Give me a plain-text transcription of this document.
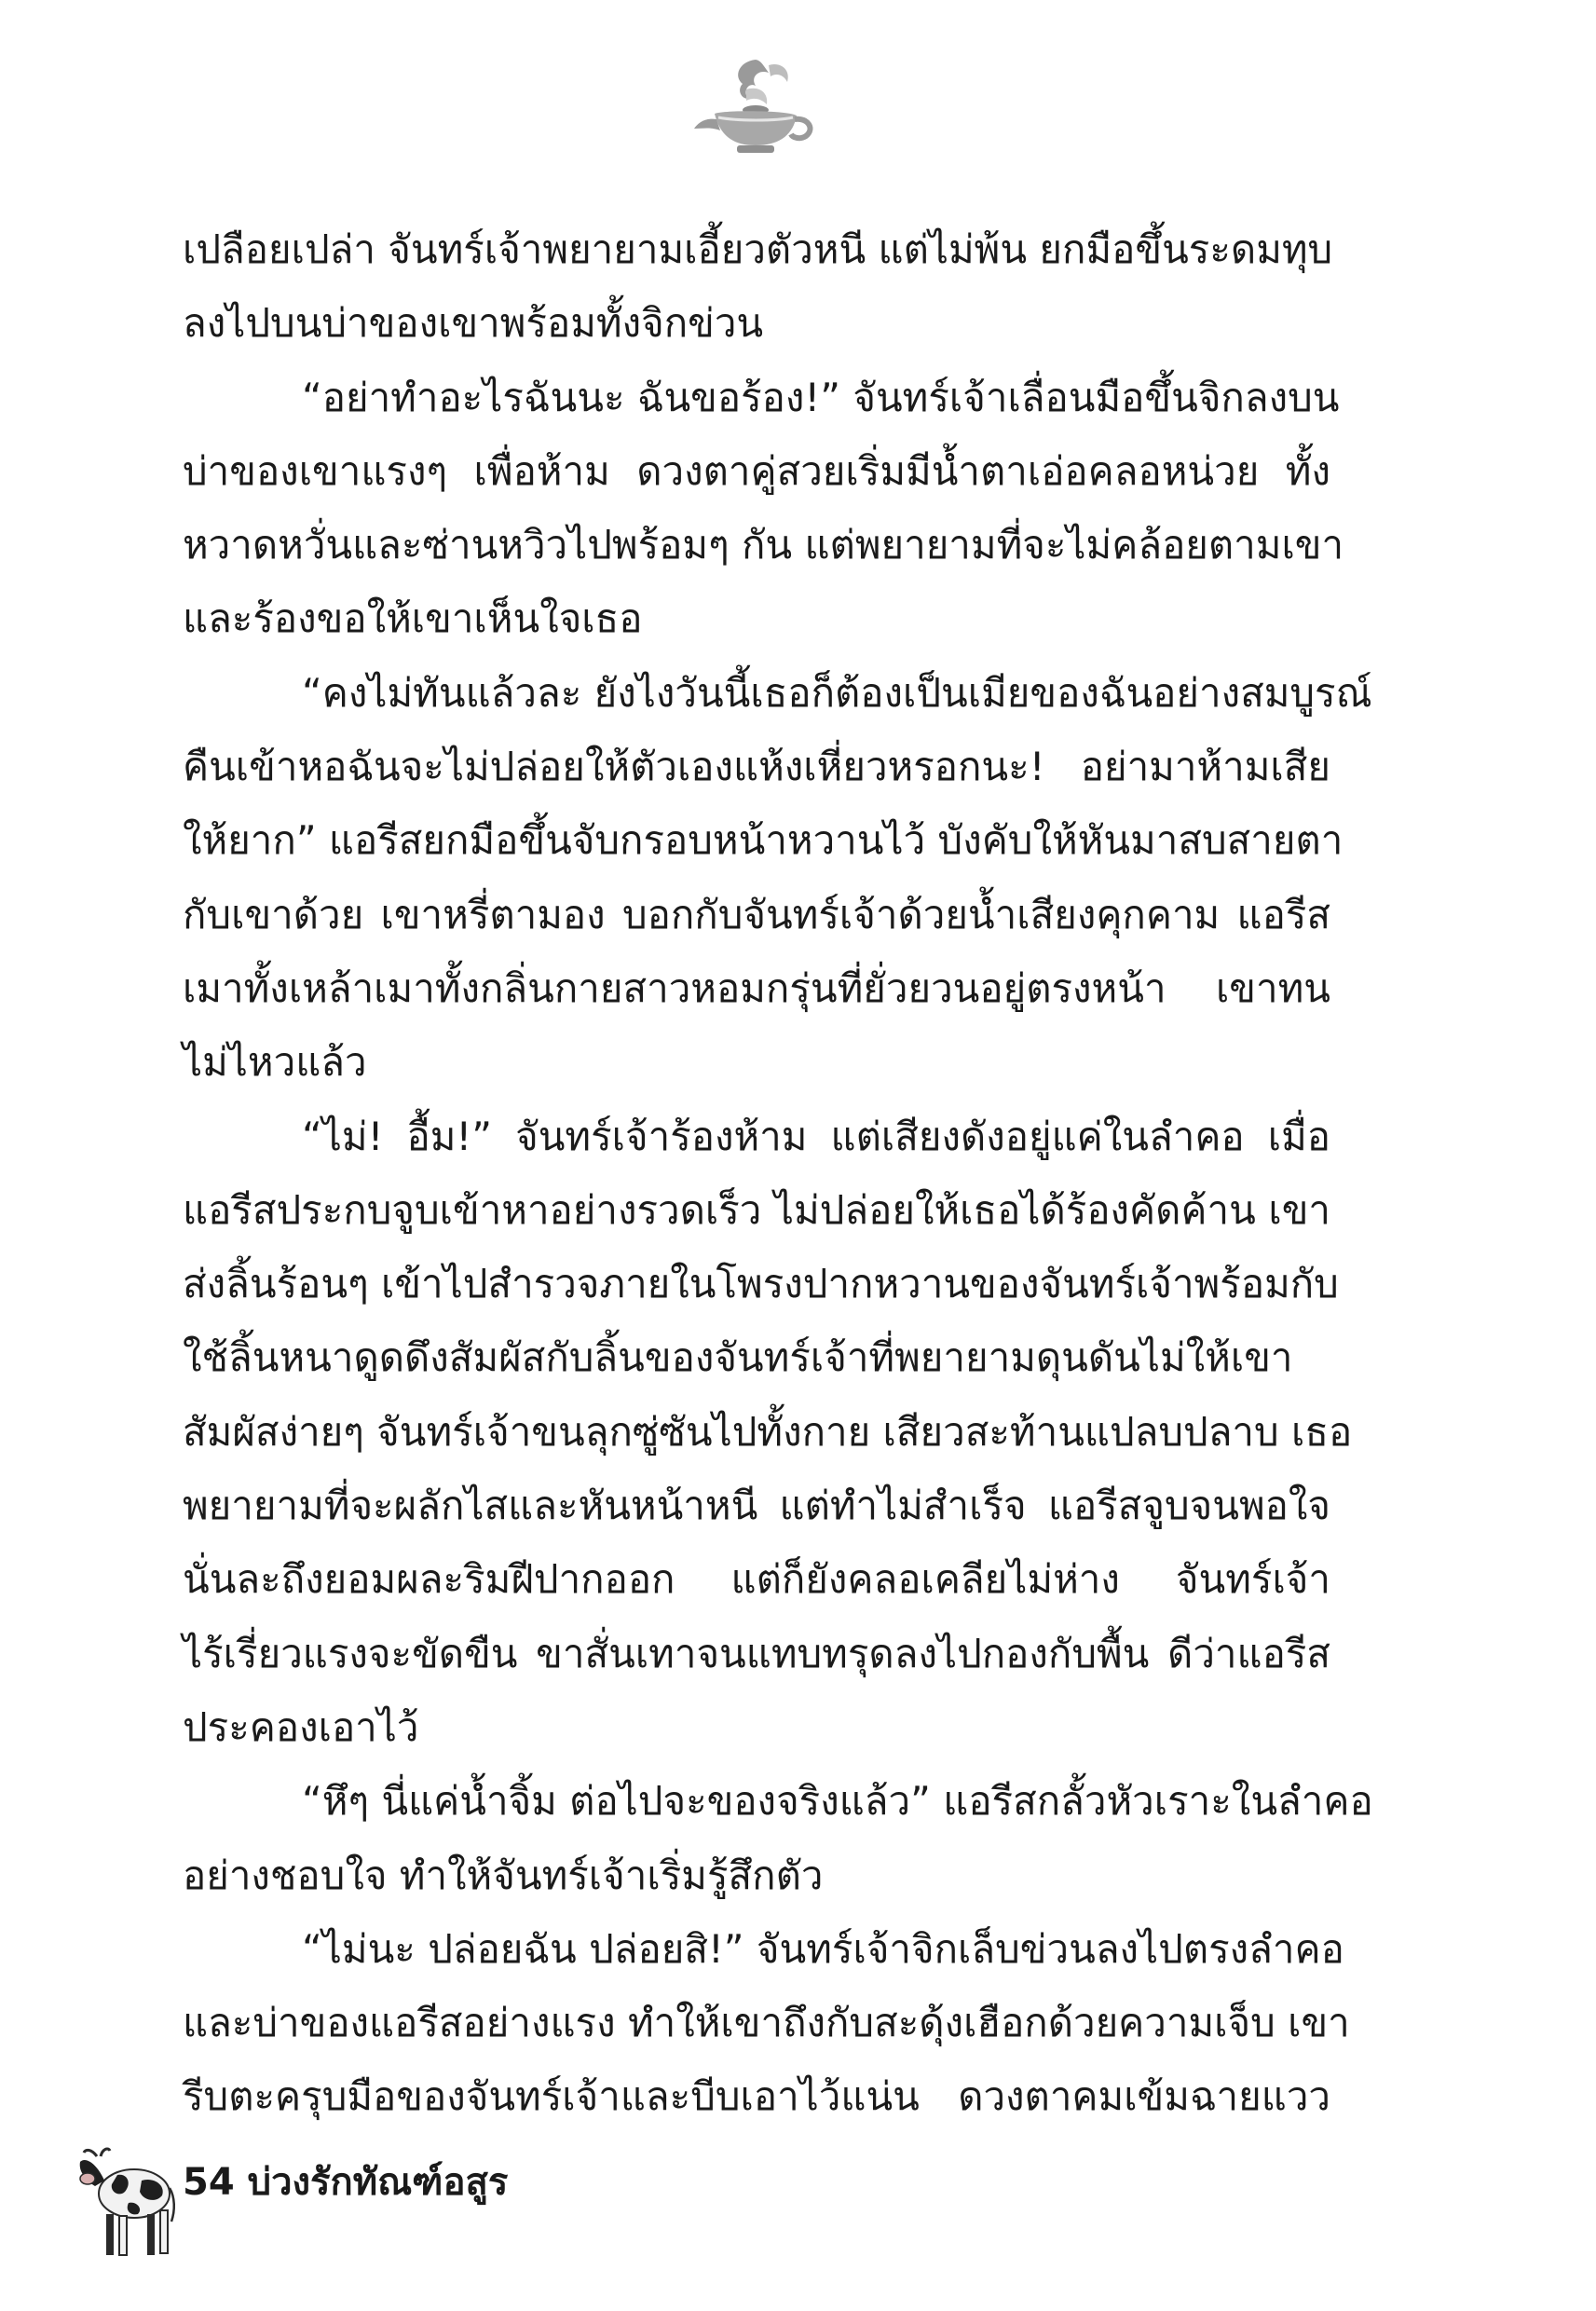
เปลือยเปล่า จันทร์เจ้าพยายามเอี้ยวตัวหนี แต่ไม่พ้น ยกมือขึ้นระดมทุบ
ลงไปบนบ่าของเขาพร้อมทั้งจิกข่วน
“อย่าทำอะไรฉันนะ ฉันขอร้อง!” จันทร์เจ้าเลื่อนมือขึ้นจิกลงบน
บ่าของเขาแรงๆ เพื่อห้าม ดวงตาคู่สวยเริ่มมีน้ำตาเอ่อคลอหน่วย ทั้ง
หวาดหวั่นและซ่านหวิวไปพร้อมๆ กัน แต่พยายามที่จะไม่คล้อยตามเขา
และร้องขอให้เขาเห็นใจเธอ
“คงไม่ทันแล้วละ ยังไงวันนี้เธอก็ต้องเป็นเมียของฉันอย่างสมบูรณ์
คืนเข้าหอฉันจะไม่ปล่อยให้ตัวเองแห้งเหี่ยวหรอกนะ! อย่ามาห้ามเสีย
ให้ยาก” แอรีสยกมือขึ้นจับกรอบหน้าหวานไว้ บังคับให้หันมาสบสายตา
กับเขาด้วย เขาหรี่ตามอง บอกกับจันทร์เจ้าด้วยน้ำเสียงคุกคาม แอรีส
เมาทั้งเหล้าเมาทั้งกลิ่นกายสาวหอมกรุ่นที่ยั่วยวนอยู่ตรงหน้า เขาทน
ไม่ไหวแล้ว
“ไม่! อื้ม!” จันทร์เจ้าร้องห้าม แต่เสียงดังอยู่แค่ในลำคอ เมื่อ
แอรีสประกบจูบเข้าหาอย่างรวดเร็ว ไม่ปล่อยให้เธอได้ร้องคัดค้าน เขา
ส่งลิ้นร้อนๆ เข้าไปสำรวจภายในโพรงปากหวานของจันทร์เจ้าพร้อมกับ
ใช้ลิ้นหนาดูดดึงสัมผัสกับลิ้นของจันทร์เจ้าที่พยายามดุนดันไม่ให้เขา
สัมผัสง่ายๆ จันทร์เจ้าขนลุกซู่ซันไปทั้งกาย เสียวสะท้านแปลบปลาบ เธอ
พยายามที่จะผลักไสและหันหน้าหนี แต่ทำไม่สำเร็จ แอรีสจูบจนพอใจ
นั่นละถึงยอมผละริมฝีปากออก แต่ก็ยังคลอเคลียไม่ห่าง จันทร์เจ้า
ไร้เรี่ยวแรงจะขัดขืน ขาสั่นเทาจนแทบทรุดลงไปกองกับพื้น ดีว่าแอรีส
ประคองเอาไว้
“หึๆ นี่แค่น้ำจิ้ม ต่อไปจะของจริงแล้ว” แอรีสกลั้วหัวเราะในลำคอ
อย่างชอบใจ ทำให้จันทร์เจ้าเริ่มรู้สึกตัว
“ไม่นะ ปล่อยฉัน ปล่อยสิ!” จันทร์เจ้าจิกเล็บข่วนลงไปตรงลำคอ
และบ่าของแอรีสอย่างแรง ทำให้เขาถึงกับสะดุ้งเฮือกด้วยความเจ็บ เขา
รีบตะครุบมือของจันทร์เจ้าและบีบเอาไว้แน่น ดวงตาคมเข้มฉายแวว
54 บ่วงรักทัณฑ์อสูร
